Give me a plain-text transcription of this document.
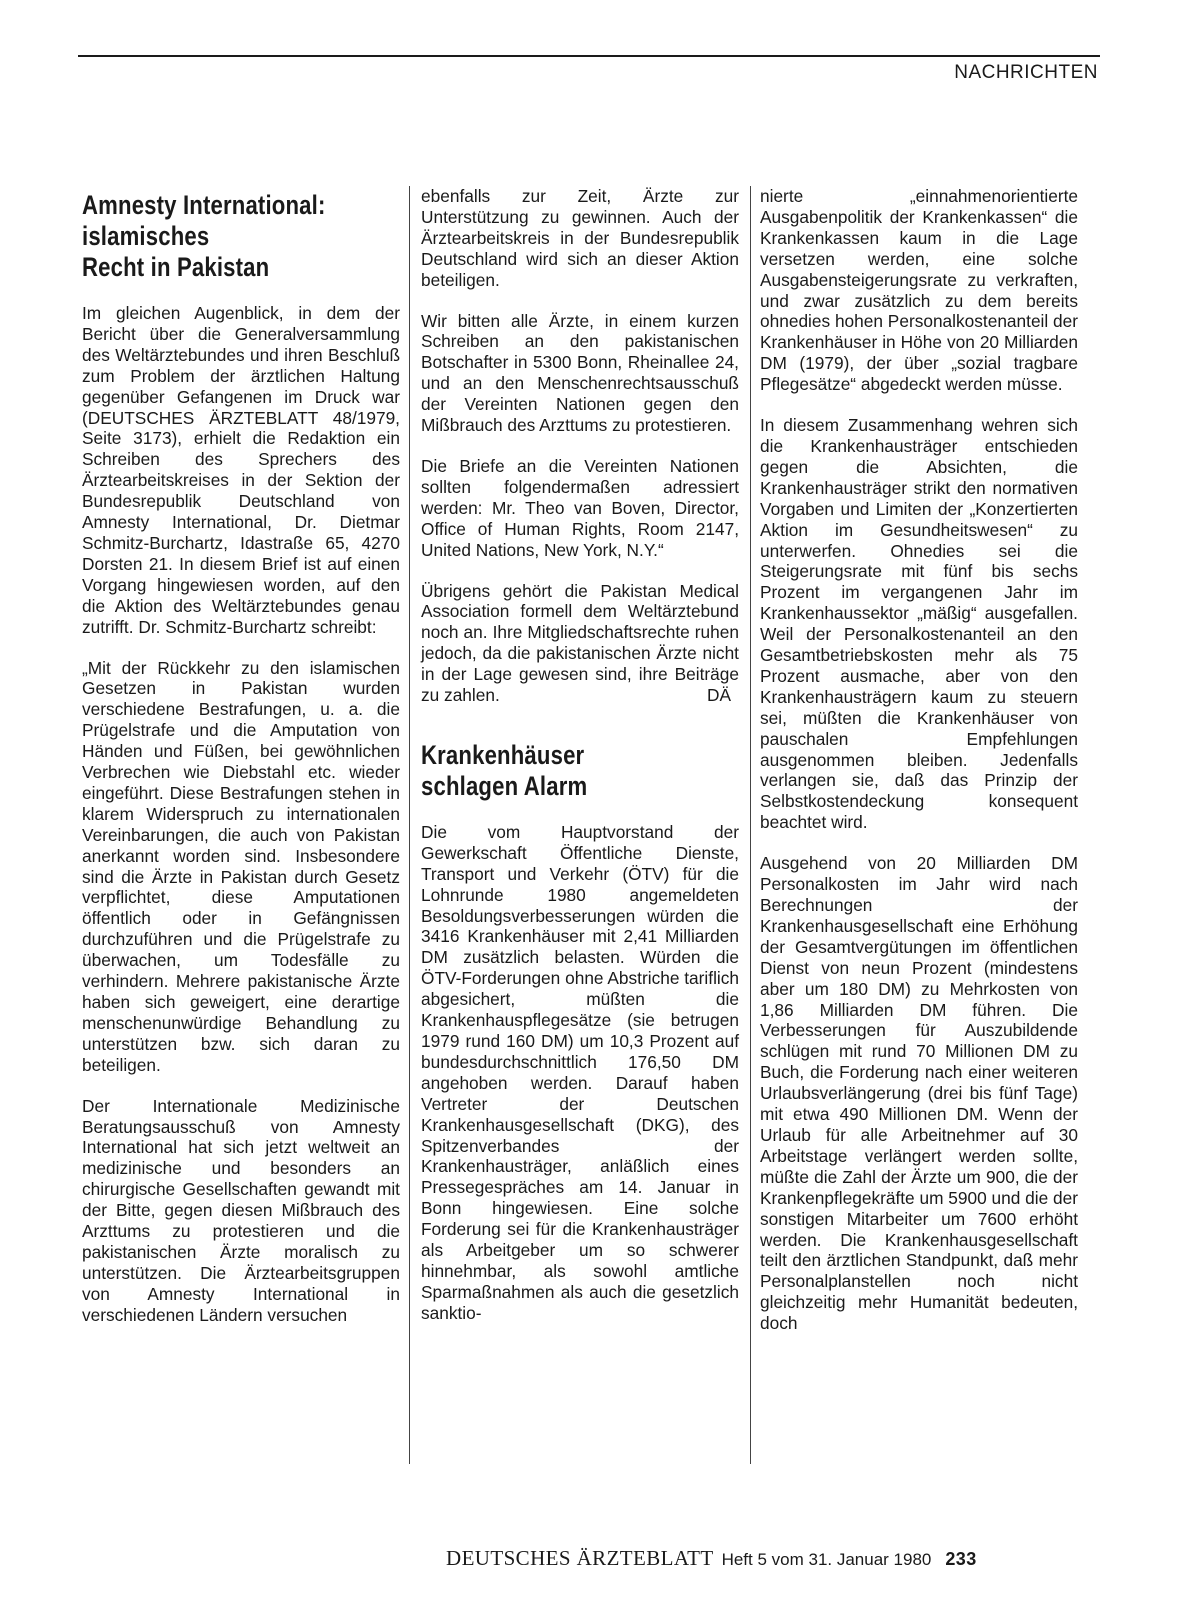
NACHRICHTEN
Amnesty International:
islamisches
Recht in Pakistan

Im gleichen Augenblick, in dem der Bericht über die Generalversammlung des Weltärztebundes und ihren Beschluß zum Problem der ärztlichen Haltung gegenüber Gefangenen im Druck war (DEUTSCHES ÄRZTEBLATT 48/1979, Seite 3173), erhielt die Redaktion ein Schreiben des Sprechers des Ärztearbeitskreises in der Sektion der Bundesrepublik Deutschland von Amnesty International, Dr. Dietmar Schmitz-Burchartz, Idastraße 65, 4270 Dorsten 21. In diesem Brief ist auf einen Vorgang hingewiesen worden, auf den die Aktion des Weltärztebundes genau zutrifft. Dr. Schmitz-Burchartz schreibt:

„Mit der Rückkehr zu den islamischen Gesetzen in Pakistan wurden verschiedene Bestrafungen, u. a. die Prügelstrafe und die Amputation von Händen und Füßen, bei gewöhnlichen Verbrechen wie Diebstahl etc. wieder eingeführt. Diese Bestrafungen stehen in klarem Widerspruch zu internationalen Vereinbarungen, die auch von Pakistan anerkannt worden sind. Insbesondere sind die Ärzte in Pakistan durch Gesetz verpflichtet, diese Amputationen öffentlich oder in Gefängnissen durchzuführen und die Prügelstrafe zu überwachen, um Todesfälle zu verhindern. Mehrere pakistanische Ärzte haben sich geweigert, eine derartige menschenunwürdige Behandlung zu unterstützen bzw. sich daran zu beteiligen.

Der Internationale Medizinische Beratungsausschuß von Amnesty International hat sich jetzt weltweit an medizinische und besonders an chirurgische Gesellschaften gewandt mit der Bitte, gegen diesen Mißbrauch des Arzttums zu protestieren und die pakistanischen Ärzte moralisch zu unterstützen. Die Ärztearbeitsgruppen von Amnesty International in verschiedenen Ländern versuchen

ebenfalls zur Zeit, Ärzte zur Unterstützung zu gewinnen. Auch der Ärztearbeitskreis in der Bundesrepublik Deutschland wird sich an dieser Aktion beteiligen.

Wir bitten alle Ärzte, in einem kurzen Schreiben an den pakistanischen Botschafter in 5300 Bonn, Rheinallee 24, und an den Menschenrechtsausschuß der Vereinten Nationen gegen den Mißbrauch des Arzttums zu protestieren.

Die Briefe an die Vereinten Nationen sollten folgendermaßen adressiert werden: Mr. Theo van Boven, Director, Office of Human Rights, Room 2147, United Nations, New York, N.Y.“

Übrigens gehört die Pakistan Medical Association formell dem Weltärztebund noch an. Ihre Mitgliedschaftsrechte ruhen jedoch, da die pakistanischen Ärzte nicht in der Lage gewesen sind, ihre Beiträge zu zahlen.	DÄ

Krankenhäuser
schlagen Alarm

Die vom Hauptvorstand der Gewerkschaft Öffentliche Dienste, Transport und Verkehr (ÖTV) für die Lohnrunde 1980 angemeldeten Besoldungsverbesserungen würden die 3416 Krankenhäuser mit 2,41 Milliarden DM zusätzlich belasten. Würden die ÖTV-Forderungen ohne Abstriche tariflich abgesichert, müßten die Krankenhauspflegesätze (sie betrugen 1979 rund 160 DM) um 10,3 Prozent auf bundesdurchschnittlich 176,50 DM angehoben werden. Darauf haben Vertreter der Deutschen Krankenhausgesellschaft (DKG), des Spitzenverbandes der Krankenhausträger, anläßlich eines Pressegespräches am 14. Januar in Bonn hingewiesen. Eine solche Forderung sei für die Krankenhausträger als Arbeitgeber um so schwerer hinnehmbar, als sowohl amtliche Sparmaßnahmen als auch die gesetzlich sanktio-

nierte „einnahmenorientierte Ausgabenpolitik der Krankenkassen“ die Krankenkassen kaum in die Lage versetzen werden, eine solche Ausgabensteigerungsrate zu verkraften, und zwar zusätzlich zu dem bereits ohnedies hohen Personalkostenanteil der Krankenhäuser in Höhe von 20 Milliarden DM (1979), der über „sozial tragbare Pflegesätze“ abgedeckt werden müsse.

In diesem Zusammenhang wehren sich die Krankenhausträger entschieden gegen die Absichten, die Krankenhausträger strikt den normativen Vorgaben und Limiten der „Konzertierten Aktion im Gesundheitswesen“ zu unterwerfen. Ohnedies sei die Steigerungsrate mit fünf bis sechs Prozent im vergangenen Jahr im Krankenhaussektor „mäßig“ ausgefallen. Weil der Personalkostenanteil an den Gesamtbetriebskosten mehr als 75 Prozent ausmache, aber von den Krankenhausträgern kaum zu steuern sei, müßten die Krankenhäuser von pauschalen Empfehlungen ausgenommen bleiben. Jedenfalls verlangen sie, daß das Prinzip der Selbstkostendeckung konsequent beachtet wird.

Ausgehend von 20 Milliarden DM Personalkosten im Jahr wird nach Berechnungen der Krankenhausgesellschaft eine Erhöhung der Gesamtvergütungen im öffentlichen Dienst von neun Prozent (mindestens aber um 180 DM) zu Mehrkosten von 1,86 Milliarden DM führen. Die Verbesserungen für Auszubildende schlügen mit rund 70 Millionen DM zu Buch, die Forderung nach einer weiteren Urlaubsverlängerung (drei bis fünf Tage) mit etwa 490 Millionen DM. Wenn der Urlaub für alle Arbeitnehmer auf 30 Arbeitstage verlängert werden sollte, müßte die Zahl der Ärzte um 900, die der Krankenpflegekräfte um 5900 und die der sonstigen Mitarbeiter um 7600 erhöht werden. Die Krankenhausgesellschaft teilt den ärztlichen Standpunkt, daß mehr Personalplanstellen noch nicht gleichzeitig mehr Humanität bedeuten, doch

DEUTSCHES ÄRZTEBLATT Heft 5 vom 31. Januar 1980 233
